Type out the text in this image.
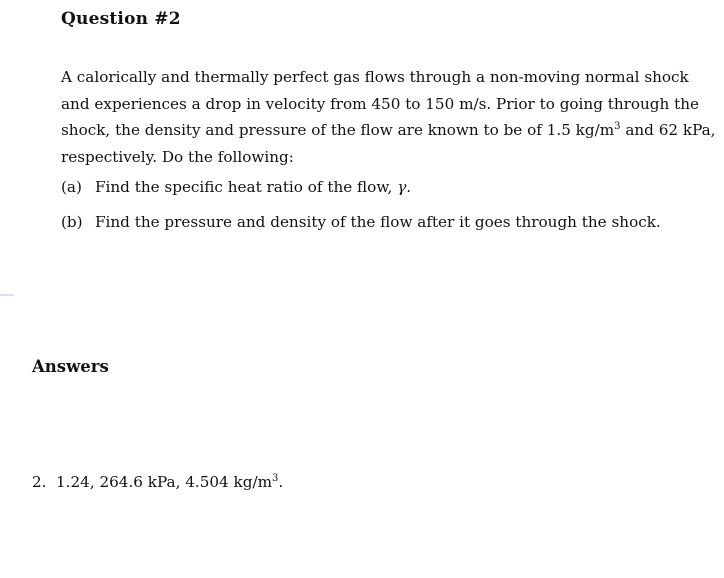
Question #2

A calorically and thermally perfect gas flows through a non-moving normal shock and experiences a drop in velocity from 450 to 150 m/s. Prior to going through the shock, the density and pressure of the flow are known to be of 1.5 $kg/m^3$ and 62 kPa, respectively. Do the following:

(a) Find the specific heat ratio of the flow, γ.
(b) Find the pressure and density of the flow after it goes through the shock.
Answers
2. 1.24, 264.6 kPa, 4.504 $kg/m^3$.
